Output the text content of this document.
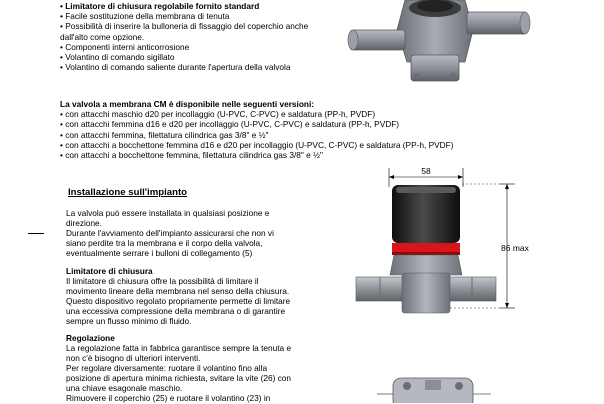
• Limitatore di chiusura regolabile fornito standard
• Facile sostituzione della membrana di tenuta
• Possibilità di inserire la bulloneria di fissaggio del coperchio anche
dall'alto come opzione.
• Componenti interni anticorrosione
• Volantino di comando sigillato
• Volantino di comando saliente durante l'apertura della valvola
La valvola a membrana CM è disponibile nelle seguenti versioni:
• con attacchi maschio d20 per incollaggio (U-PVC, C-PVC) e saldatura (PP-h, PVDF)
• con attacchi femmina d16 e d20 per incollaggio (U-PVC, C-PVC) e saldatura (PP-h, PVDF)
• con attacchi femmina, filettatura cilindrica gas 3/8" e ½"
• con attacchi a bocchettone femmina d16 e d20 per incollaggio (U-PVC, C-PVC) e saldatura (PP-h, PVDF)
• con attacchi a bocchettone femmina, filettatura cilindrica gas 3/8" e ½"
Installazione sull'impianto
La valvola può essere installata in qualsiasi posizione e
direzione.
Durante l'avviamento dell'impianto assicurarsi che non vi
siano perdite tra la membrana e il corpo della valvola,
eventualmente serrare i bulloni di collegamento (5)
Limitatore di chiusura
Il limitatore di chiusura offre la possibilità di limitare il
movimento lineare della membrana nel senso della chiusura.
Questo dispositivo regolato propriamente permette di limitare
una eccessiva compressione della membrana o di garantire
sempre un flusso minimo di fluido.
Regolazione
La regolazione fatta in fabbrica garantisce sempre la tenuta e
non c'è bisogno di ulteriori interventi.
Per regolare diversamente: ruotare il volantino fino alla
posizione di apertura minima richiesta, svitare la vite (26) con
una chiave esagonale maschio.
Rimuovere il coperchio (25) e ruotare il volantino (23) in
58
86 max
